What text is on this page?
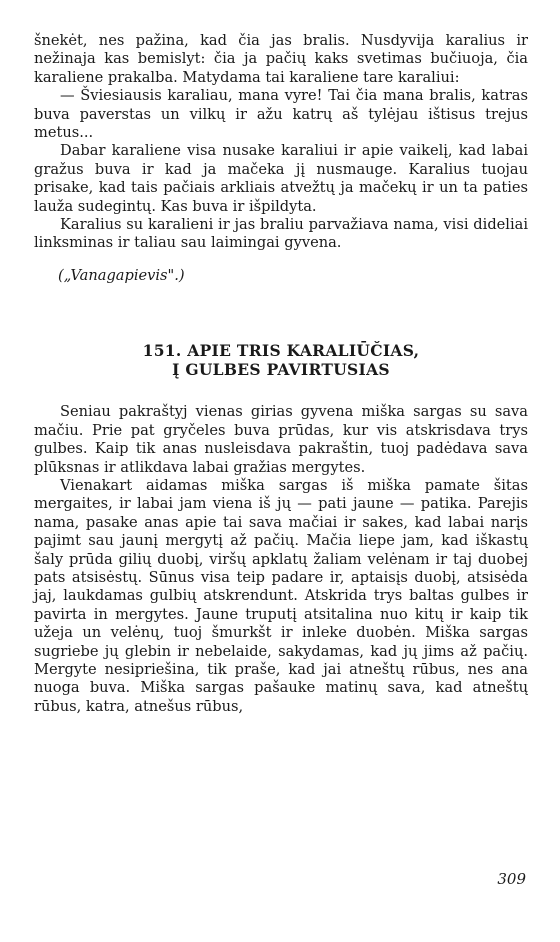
šnekėt, nes pažina, kad čia jas bralis. Nusdyvija karalius ir nežinaja kas bemislyt: čia ja pačių kaks svetimas bučiuoja, čia karaliene prakalba. Matydama tai karaliene tare karaliui:

— Šviesiausis karaliau, mana vyre! Tai čia mana bralis, katras buva paverstas un vilkų ir ažu katrų aš tylėjau ištisus trejus metus...

Dabar karaliene visa nusake karaliui ir apie vaikelį, kad labai gražus buva ir kad ja mačeka jį nusmauge. Karalius tuojau prisake, kad tais pačiais arkliais atvežtų ja mačekų ir un ta paties lauža sudegintų. Kas buva ir išpildyta.

Karalius su karalieni ir jas braliu parvažiava nama, visi dideliai linksminas ir taliau sau laimingai gyvena.

(„Vanagapievis".)

151. APIE TRIS KARALIŪČIAS,
Į GULBES PAVIRTUSIAS

Seniau pakraštyj vienas girias gyvena miška sargas su sava mačiu. Prie pat gryčeles buva prūdas, kur vis atskrisdava trys gulbes. Kaip tik anas nusleisdava pakraštin, tuoj padėdava sava plūksnas ir atlikdava labai gražias mergytes.

Vienakart aidamas miška sargas iš miška pamate šitas mergaites, ir labai jam viena iš jų — pati jaune — patika. Parejis nama, pasake anas apie tai sava mačiai ir sakes, kad labai narįs pajimt sau jaunį mergytį až pačių. Mačia liepe jam, kad iškastų šaly prūda gilių duobį, viršų apklatų žaliam velėnam ir taj duobej pats atsisėstų. Sūnus visa teip padare ir, aptaisįs duobį, atsisėda jaj, laukdamas gulbių atskrendunt. Atskrida trys baltas gulbes ir pavirta in mergytes. Jaune truputį atsitalina nuo kitų ir kaip tik užeja un velėnų, tuoj šmurkšt ir inleke duobėn. Miška sargas sugriebe jų glebin ir nebelaide, sakydamas, kad jų jims až pačių. Mergyte nesipriešina, tik praše, kad jai atneštų rūbus, nes ana nuoga buva. Miška sargas pašauke matinų sava, kad atneštų rūbus, katra, atnešus rūbus,

309
